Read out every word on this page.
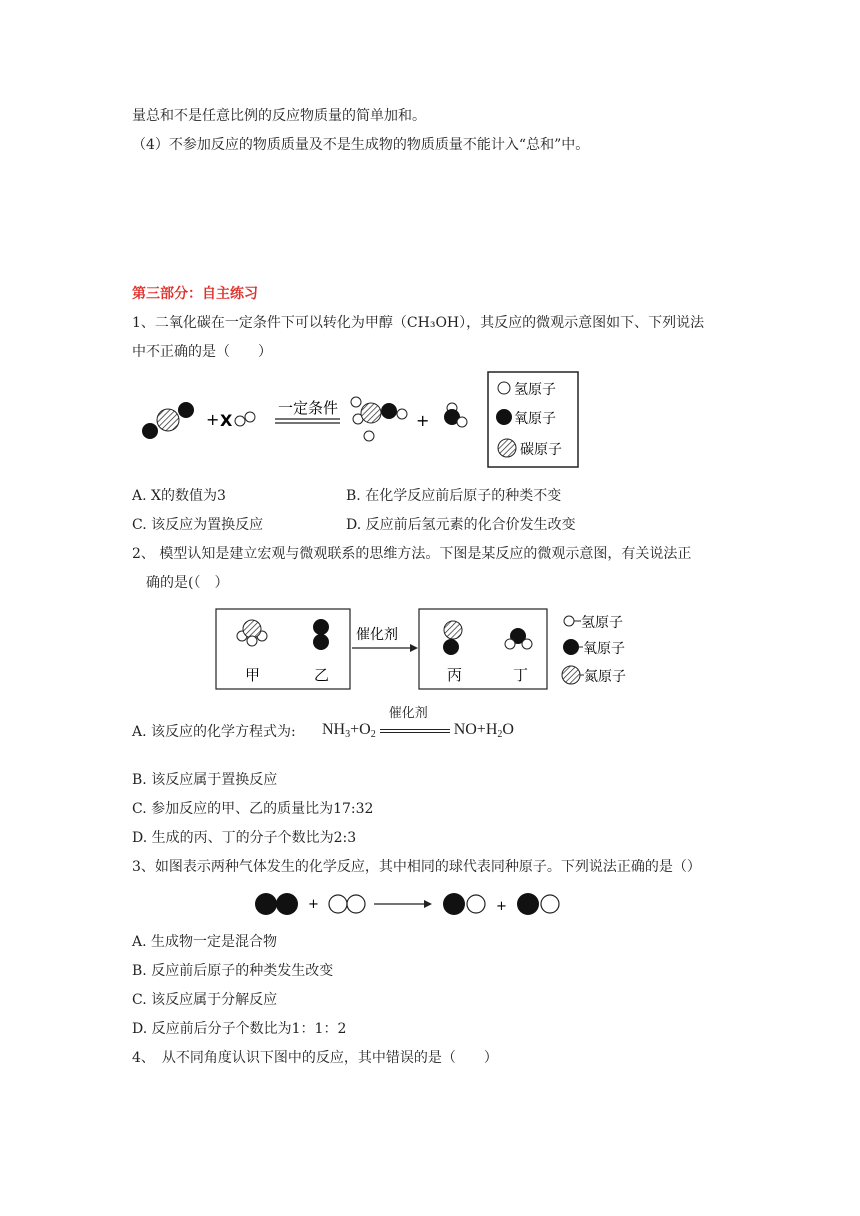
量总和不是任意比例的反应物质量的简单加和。
（4）不参加反应的物质质量及不是生成物的物质质量不能计入“总和”中。
第三部分：自主练习
1、二氧化碳在一定条件下可以转化为甲醇（CH₃OH），其反应的微观示意图如下、下列说法
中不正确的是（　　）
+ X
一定条件
+
氢原子
氧原子
碳原子
A. X的数值为3	B. 在化学反应前后原子的种类不变
C. 该反应为置换反应	D. 反应前后氢元素的化合价发生改变
2、 模型认知是建立宏观与微观联系的思维方法。下图是某反应的微观示意图，有关说法正
确的是(（　）
甲	乙
催化剂
丙	丁
氢原子
氧原子
氮原子
A. 该反应的化学方程式为: $NH_3+O_2$
催化剂
$NO+H_2O$
B. 该反应属于置换反应
C. 参加反应的甲、乙的质量比为17:32
D. 生成的丙、丁的分子个数比为2:3
3、如图表示两种气体发生的化学反应，其中相同的球代表同种原子。下列说法正确的是（）
+	+
A. 生成物一定是混合物
B. 反应前后原子的种类发生改变
C. 该反应属于分解反应
D. 反应前后分子个数比为1：1：2
4、　从不同角度认识下图中的反应，其中错误的是（　　）
